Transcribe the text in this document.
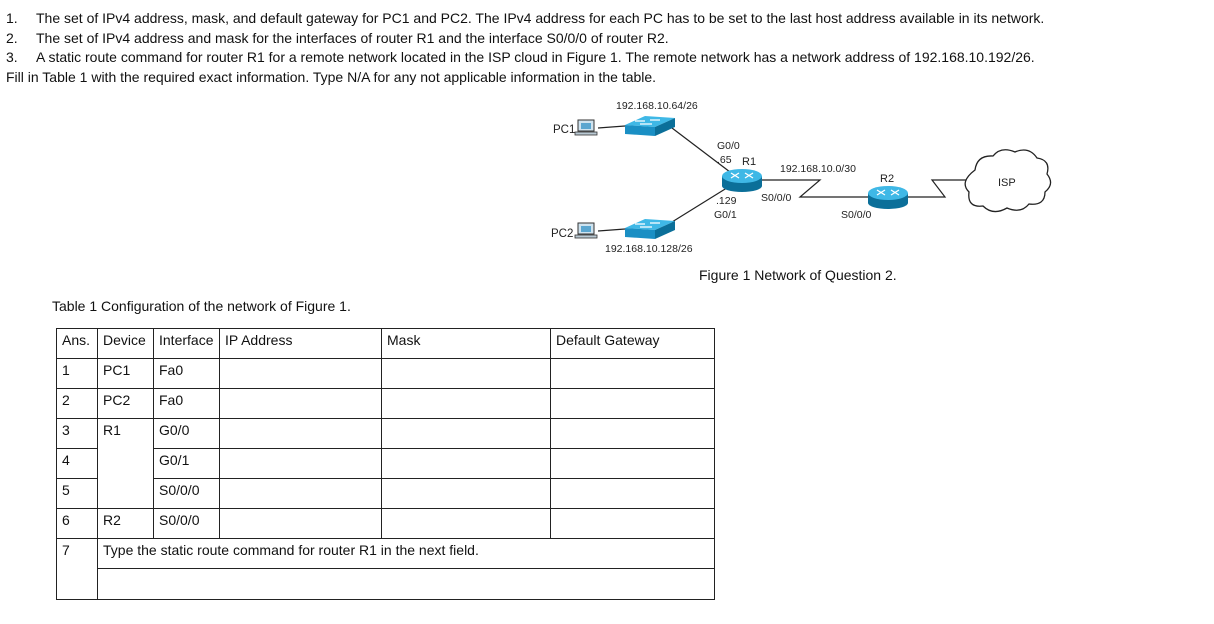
1. The set of IPv4 address, mask, and default gateway for PC1 and PC2. The IPv4 address for each PC has to be set to the last host address available in its network.
2. The set of IPv4 address and mask for the interfaces of router R1 and the interface S0/0/0 of router R2.
3. A static route command for router R1 for a remote network located in the ISP cloud in Figure 1. The remote network has a network address of 192.168.10.192/26.
Fill in Table 1 with the required exact information. Type N/A for any not applicable information in the table.
PC1
PC2
192.168.10.64/26
192.168.10.128/26
G0/0
.65 R1
.129
G0/1
S0/0/0
192.168.10.0/30
R2
S0/0/0
ISP
Figure 1 Network of Question 2.
Table 1 Configuration of the network of Figure 1.
Ans.	Device	Interface	IP Address	Mask	Default Gateway
1	PC1	Fa0			
2	PC2	Fa0			
3	R1	G0/0			
4		G0/1			
5		S0/0/0			
6	R2	S0/0/0			
7	Type the static route command for router R1 in the next field.				
